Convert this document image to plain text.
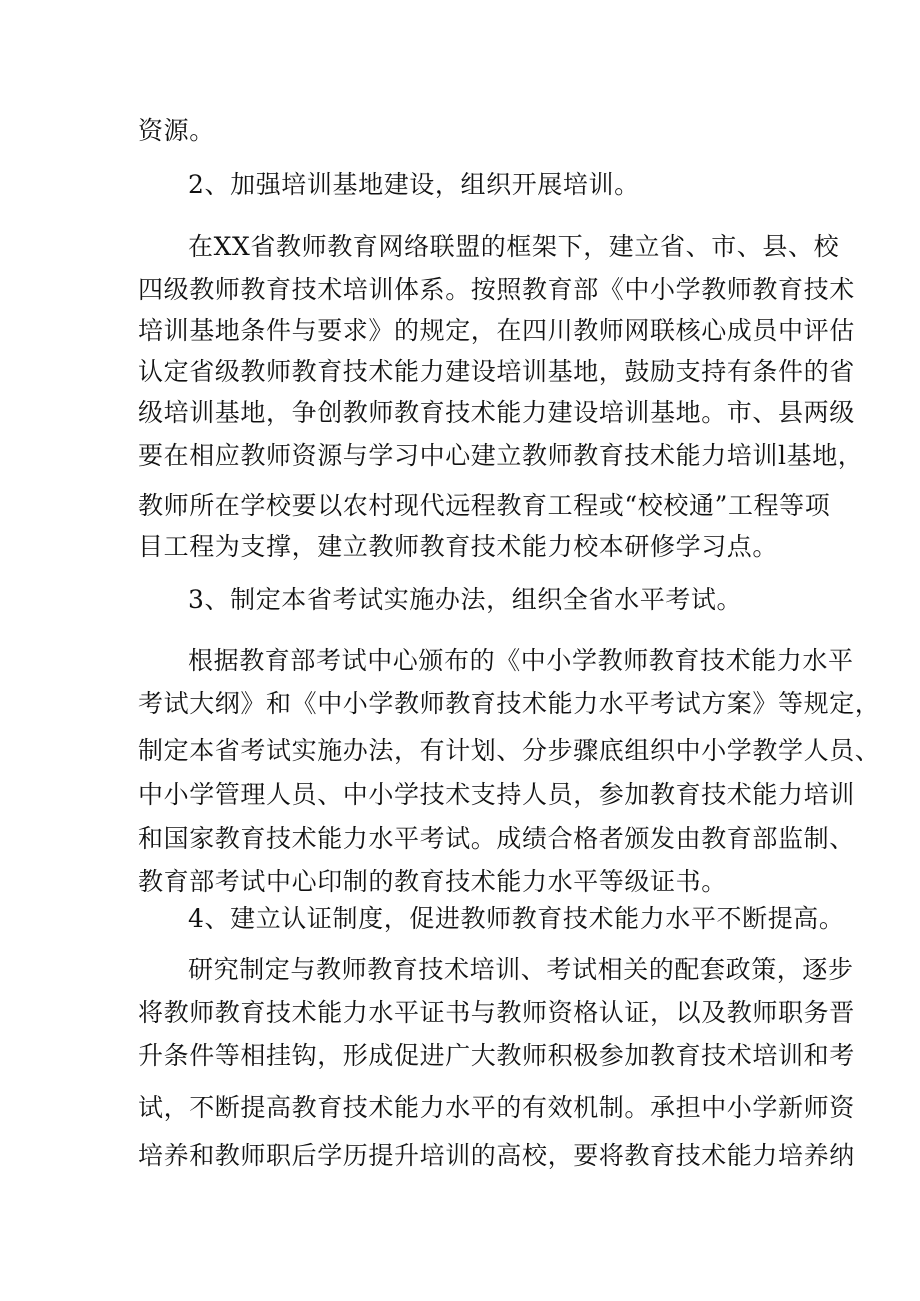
资源。
2、加强培训基地建设，组织开展培训。
在XX省教师教育网络联盟的框架下，建立省、市、县、校
四级教师教育技术培训体系。按照教育部《中小学教师教育技术
培训基地条件与要求》的规定，在四川教师网联核心成员中评估
认定省级教师教育技术能力建设培训基地，鼓励支持有条件的省
级培训基地，争创教师教育技术能力建设培训基地。市、县两级
要在相应教师资源与学习中心建立教师教育技术能力培训l基地，
教师所在学校要以农村现代远程教育工程或“校校通”工程等项
目工程为支撑，建立教师教育技术能力校本研修学习点。
3、制定本省考试实施办法，组织全省水平考试。
根据教育部考试中心颁布的《中小学教师教育技术能力水平
考试大纲》和《中小学教师教育技术能力水平考试方案》等规定，
制定本省考试实施办法，有计划、分步骤底组织中小学教学人员、
中小学管理人员、中小学技术支持人员，参加教育技术能力培训
和国家教育技术能力水平考试。成绩合格者颁发由教育部监制、
教育部考试中心印制的教育技术能力水平等级证书。
4、建立认证制度，促进教师教育技术能力水平不断提高。
研究制定与教师教育技术培训、考试相关的配套政策，逐步
将教师教育技术能力水平证书与教师资格认证，以及教师职务晋
升条件等相挂钩，形成促进广大教师积极参加教育技术培训和考
试，不断提高教育技术能力水平的有效机制。承担中小学新师资
培养和教师职后学历提升培训的高校，要将教育技术能力培养纳
